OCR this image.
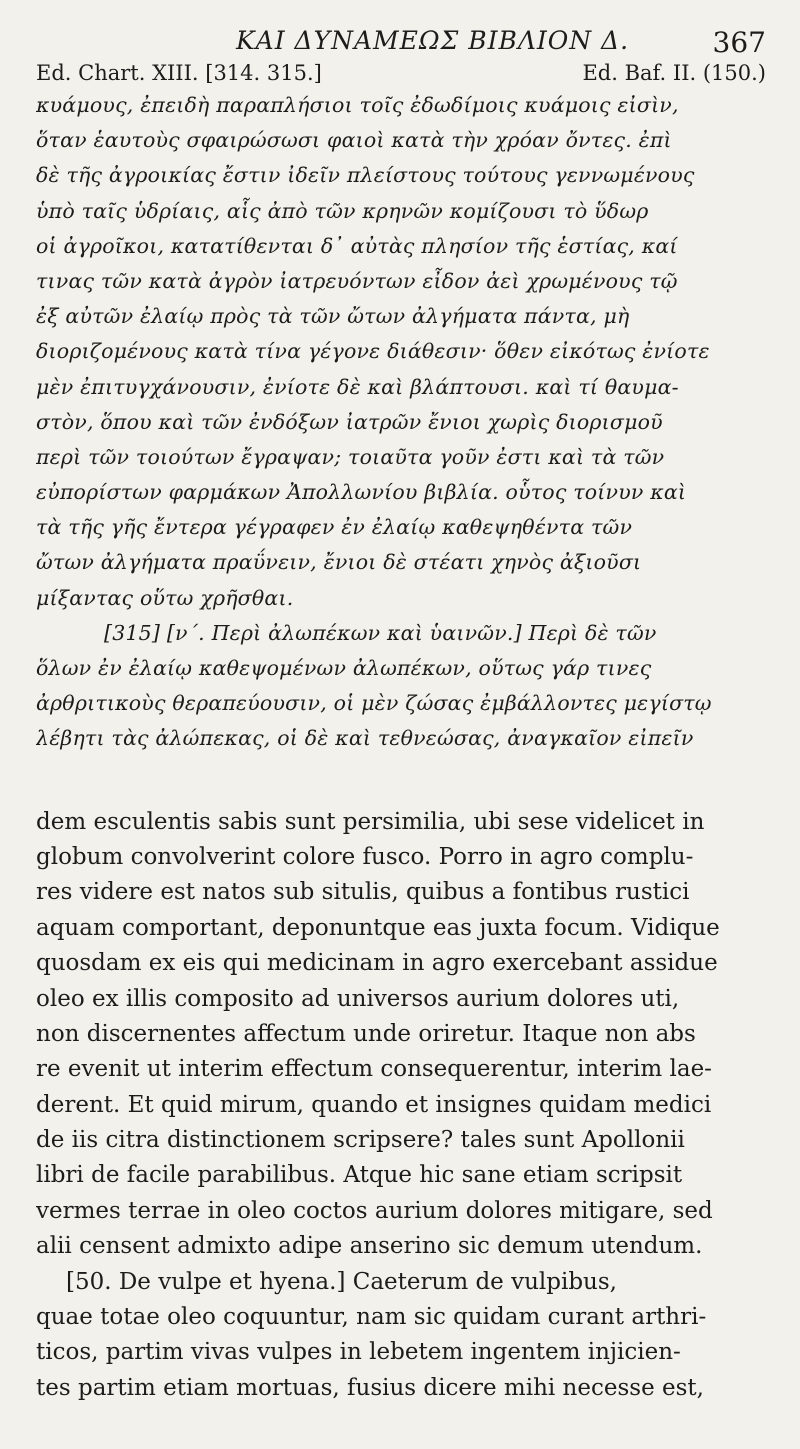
ΚΑΙ ΔΥΝΑΜΕΩΣ ΒΙΒΛΙΟΝ Δ.	367
Ed. Chart. XIII. [314. 315.]	Ed. Baf. II. (150.)
κυάμους, ἐπειδὴ παραπλήσιοι τοῖς ἐδωδίμοις κυάμοις εἰσὶν,
ὅταν ἑαυτοὺς σφαιρώσωσι φαιοὶ κατὰ τὴν χρόαν ὄντες. ἐπὶ
δὲ τῆς ἀγροικίας ἔστιν ἰδεῖν πλείστους τούτους γεννωμένους
ὑπὸ ταῖς ὑδρίαις, αἷς ἀπὸ τῶν κρηνῶν κομίζουσι τὸ ὕδωρ
οἱ ἀγροῖκοι, κατατίθενται δ᾽ αὐτὰς πλησίον τῆς ἑστίας, καί
τινας τῶν κατὰ ἀγρὸν ἰατρευόντων εἶδον ἀεὶ χρωμένους τῷ
ἐξ αὐτῶν ἐλαίῳ πρὸς τὰ τῶν ὤτων ἀλγήματα πάντα, μὴ
διοριζομένους κατὰ τίνα γέγονε διάθεσιν· ὅθεν εἰκότως ἐνίοτε
μὲν ἐπιτυγχάνουσιν, ἐνίοτε δὲ καὶ βλάπτουσι. καὶ τί θαυμα-
στὸν, ὅπου καὶ τῶν ἐνδόξων ἰατρῶν ἔνιοι χωρὶς διορισμοῦ
περὶ τῶν τοιούτων ἔγραψαν; τοιαῦτα γοῦν ἐστι καὶ τὰ τῶν
εὐπορίστων φαρμάκων Ἀπολλωνίου βιβλία. οὗτος τοίνυν καὶ
τὰ τῆς γῆς ἔντερα γέγραφεν ἐν ἐλαίῳ καθεψηθέντα τῶν
ὤτων ἀλγήματα πραΰνειν, ἔνιοι δὲ στέατι χηνὸς ἀξιοῦσι
μίξαντας οὕτω χρῆσθαι.
[315] [ν΄. Περὶ ἀλωπέκων καὶ ὑαινῶν.] Περὶ δὲ τῶν
ὅλων ἐν ἐλαίῳ καθεψομένων ἀλωπέκων, οὕτως γάρ τινες
ἀρθριτικοὺς θεραπεύουσιν, οἱ μὲν ζώσας ἐμβάλλοντες μεγίστῳ
λέβητι τὰς ἀλώπεκας, οἱ δὲ καὶ τεθνεώσας, ἀναγκαῖον εἰπεῖν
dem esculentis sabis sunt persimilia, ubi sese videlicet in
globum convolverint colore fusco. Porro in agro complu-
res videre est natos sub situlis, quibus a fontibus rustici
aquam comportant, deponuntque eas juxta focum. Vidique
quosdam ex eis qui medicinam in agro exercebant assidue
oleo ex illis composito ad universos aurium dolores uti,
non discernentes affectum unde oriretur. Itaque non abs
re evenit ut interim effectum consequerentur, interim lae-
derent. Et quid mirum, quando et insignes quidam medici
de iis citra distinctionem scripsere? tales sunt Apollonii
libri de facile parabilibus. Atque hic sane etiam scripsit
vermes terrae in oleo coctos aurium dolores mitigare, sed
alii censent admixto adipe anserino sic demum utendum.
[50. De vulpe et hyena.] Caeterum de vulpibus,
quae totae oleo coquuntur, nam sic quidam curant arthri-
ticos, partim vivas vulpes in lebetem ingentem injicien-
tes partim etiam mortuas, fusius dicere mihi necesse est,
